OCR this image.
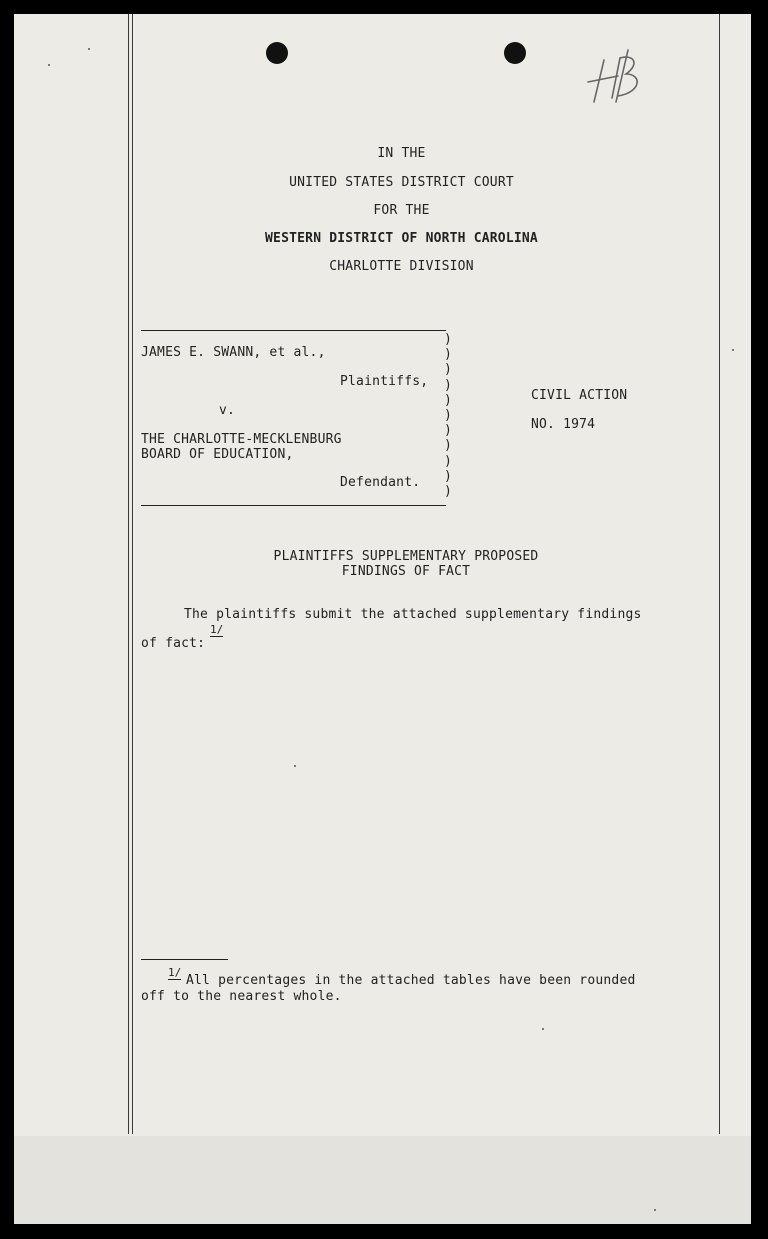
IN THE
UNITED STATES DISTRICT COURT
FOR THE
WESTERN DISTRICT OF NORTH CAROLINA
CHARLOTTE DIVISION
)
)
)
)
)
)
)
)
)
)
)
JAMES E. SWANN, et al.,
Plaintiffs,
v.
THE CHARLOTTE-MECKLENBURG
BOARD OF EDUCATION,
Defendant.
CIVIL ACTION
NO. 1974
PLAINTIFFS SUPPLEMENTARY PROPOSED
FINDINGS OF FACT
The plaintiffs submit the attached supplementary findings
of fact:
1/
1/
All percentages in the attached tables have been rounded
off to the nearest whole.
